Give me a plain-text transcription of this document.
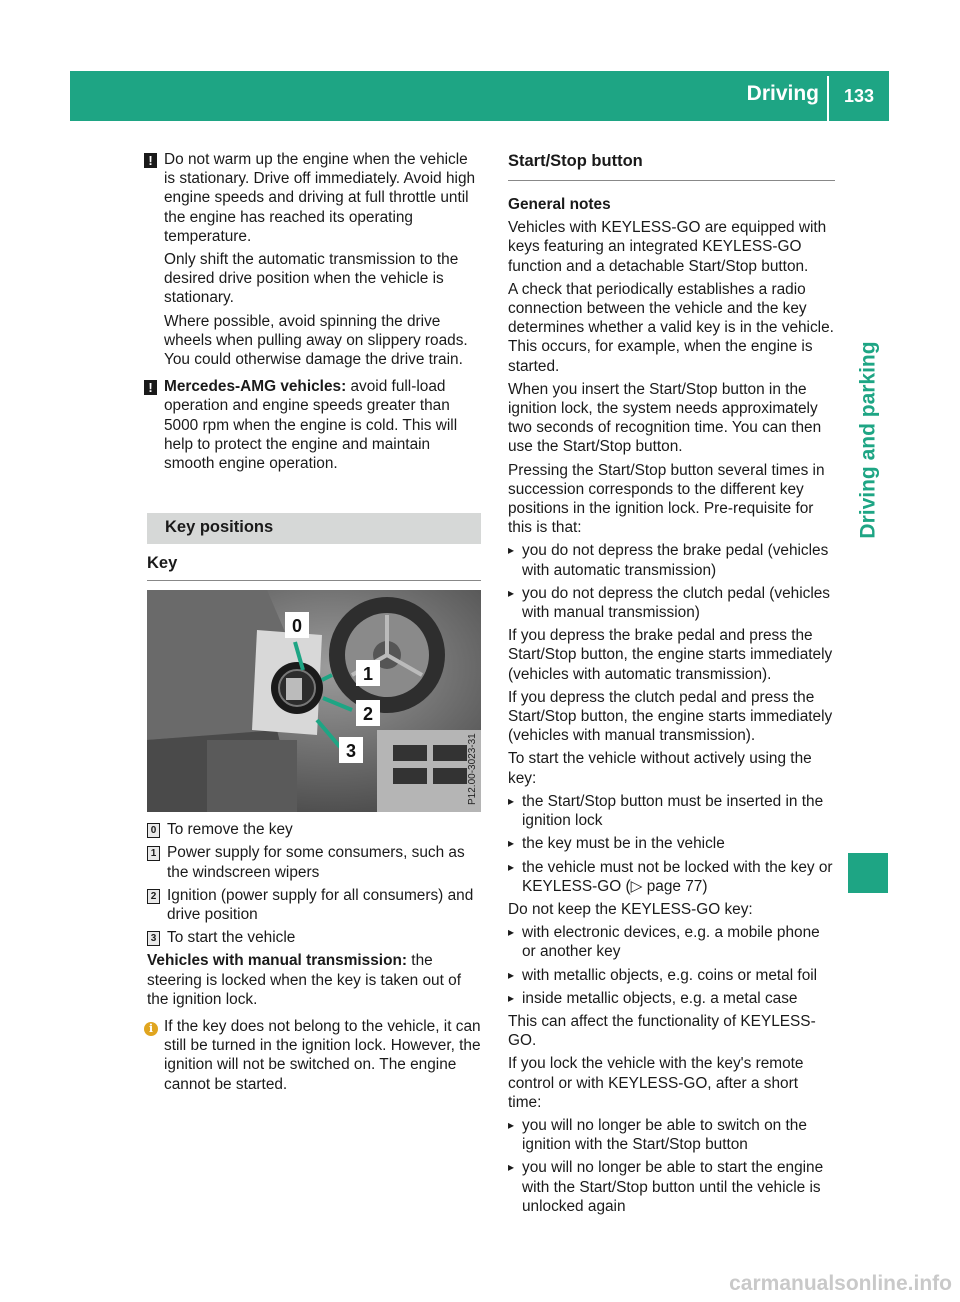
Driving	133
Driving and parking

! Do not warm up the engine when the vehicle is stationary. Drive off immediately. Avoid high engine speeds and driving at full throttle until the engine has reached its operating temperature.

Only shift the automatic transmission to the desired drive position when the vehicle is stationary.

Where possible, avoid spinning the drive wheels when pulling away on slippery roads. You could otherwise damage the drive train.

! Mercedes-AMG vehicles: avoid full-load operation and engine speeds greater than 5000 rpm when the engine is cold. This will help to protect the engine and maintain smooth engine operation.

Key positions
Key
0
1
2
3	P12.00-3023-31
0 To remove the key
1 Power supply for some consumers, such as the windscreen wipers
2 Ignition (power supply for all consumers) and drive position
3 To start the vehicle

Vehicles with manual transmission: the steering is locked when the key is taken out of the ignition lock.

i If the key does not belong to the vehicle, it can still be turned in the ignition lock. However, the ignition will not be switched on. The engine cannot be started.

Start/Stop button
General notes

Vehicles with KEYLESS-GO are equipped with keys featuring an integrated KEYLESS-GO function and a detachable Start/Stop button.

A check that periodically establishes a radio connection between the vehicle and the key determines whether a valid key is in the vehicle. This occurs, for example, when the engine is started.

When you insert the Start/Stop button in the ignition lock, the system needs approximately two seconds of recognition time. You can then use the Start/Stop button.

Pressing the Start/Stop button several times in succession corresponds to the different key positions in the ignition lock. Pre-requisite for this is that:

▸ you do not depress the brake pedal (vehicles with automatic transmission)
▸ you do not depress the clutch pedal (vehicles with manual transmission)

If you depress the brake pedal and press the Start/Stop button, the engine starts immediately (vehicles with automatic transmission).

If you depress the clutch pedal and press the Start/Stop button, the engine starts immediately (vehicles with manual transmission).

To start the vehicle without actively using the key:

▸ the Start/Stop button must be inserted in the ignition lock
▸ the key must be in the vehicle
▸ the vehicle must not be locked with the key or KEYLESS-GO (▷ page 77)

Do not keep the KEYLESS-GO key:

▸ with electronic devices, e.g. a mobile phone or another key
▸ with metallic objects, e.g. coins or metal foil
▸ inside metallic objects, e.g. a metal case

This can affect the functionality of KEYLESS-GO.

If you lock the vehicle with the key's remote control or with KEYLESS-GO, after a short time:

▸ you will no longer be able to switch on the ignition with the Start/Stop button
▸ you will no longer be able to start the engine with the Start/Stop button until the vehicle is unlocked again
carmanualsonline.info
